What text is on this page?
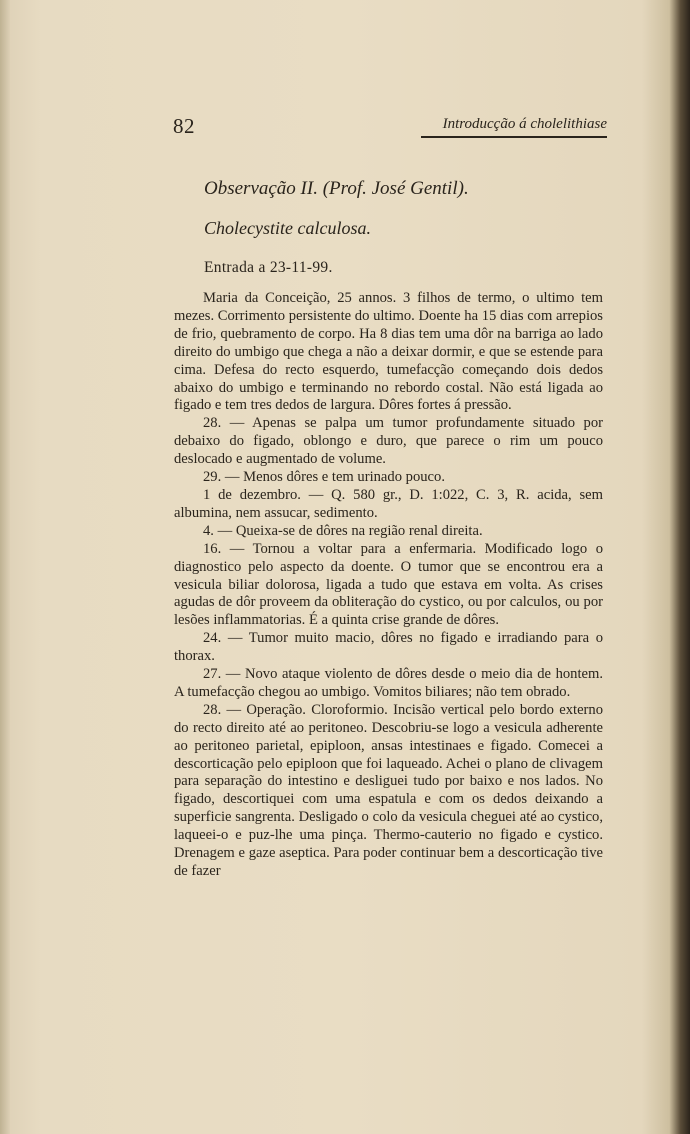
82	Introducção á cholelithiase
Observação II. (Prof. José Gentil).
Cholecystite calculosa.
Entrada a 23-11-99.

Maria da Conceição, 25 annos. 3 filhos de termo, o ultimo tem mezes. Corrimento persistente do ultimo. Doente ha 15 dias com arrepios de frio, quebramento de corpo. Ha 8 dias tem uma dôr na barriga ao lado direito do umbigo que chega a não a deixar dormir, e que se estende para cima. Defesa do recto esquerdo, tumefacção começando dois dedos abaixo do umbigo e terminando no rebordo costal. Não está ligada ao figado e tem tres dedos de largura. Dôres fortes á pressão.

28. — Apenas se palpa um tumor profundamente situado por debaixo do figado, oblongo e duro, que parece o rim um pouco deslocado e augmentado de volume.

29. — Menos dôres e tem urinado pouco.

1 de dezembro. — Q. 580 gr., D. 1:022, C. 3, R. acida, sem albumina, nem assucar, sedimento.

4. — Queixa-se de dôres na região renal direita.

16. — Tornou a voltar para a enfermaria. Modificado logo o diagnostico pelo aspecto da doente. O tumor que se encontrou era a vesicula biliar dolorosa, ligada a tudo que estava em volta. As crises agudas de dôr proveem da obliteração do cystico, ou por calculos, ou por lesões inflammatorias. É a quinta crise grande de dôres.

24. — Tumor muito macio, dôres no figado e irradiando para o thorax.

27. — Novo ataque violento de dôres desde o meio dia de hontem. A tumefacção chegou ao umbigo. Vomitos biliares; não tem obrado.

28. — Operação. Cloroformio. Incisão vertical pelo bordo externo do recto direito até ao peritoneo. Descobriu-se logo a vesicula adherente ao peritoneo parietal, epiploon, ansas intestinaes e figado. Comecei a descorticação pelo epiploon que foi laqueado. Achei o plano de clivagem para separação do intestino e desliguei tudo por baixo e nos lados. No figado, descortiquei com uma espatula e com os dedos deixando a superficie sangrenta. Desligado o colo da vesicula cheguei até ao cystico, laqueei-o e puz-lhe uma pinça. Thermo-cauterio no figado e cystico. Drenagem e gaze aseptica. Para poder continuar bem a descorticação tive de fazer
